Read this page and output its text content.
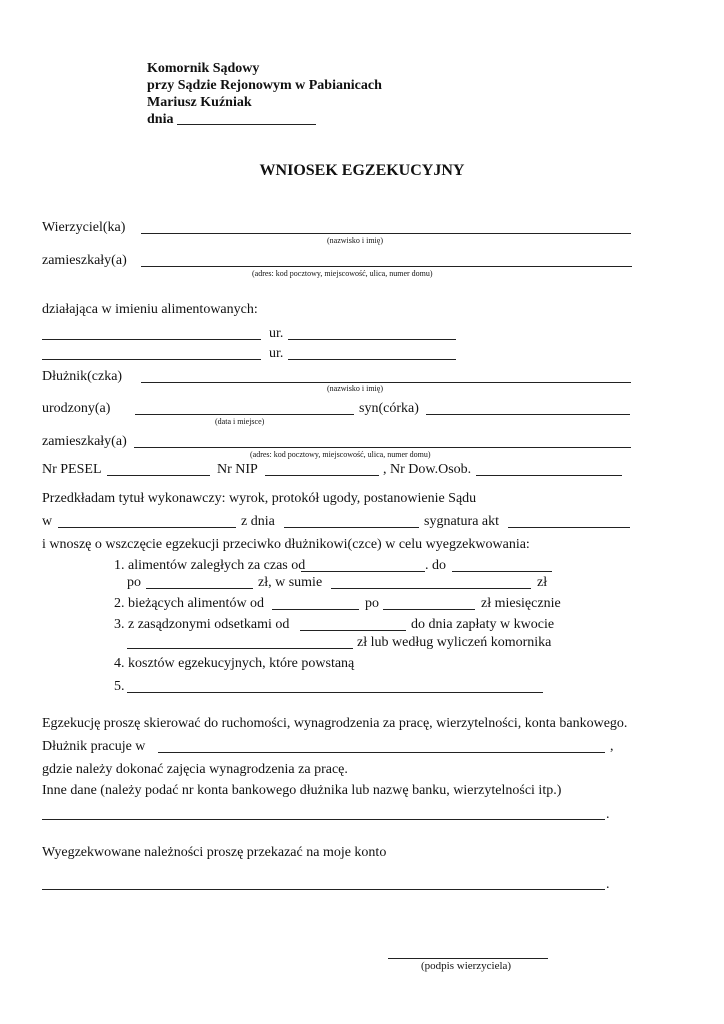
Komornik Sądowy
przy Sądzie Rejonowym w Pabianicach
Mariusz Kuźniak
dnia
WNIOSEK EGZEKUCYJNY
Wierzyciel(ka)
(nazwisko i imię)
zamieszkały(a)
(adres: kod pocztowy, miejscowość, ulica, numer domu)
działająca w imieniu alimentowanych:
ur.
ur.
Dłużnik(czka)
(nazwisko i imię)
urodzony(a)
(data i miejsce)
syn(córka)
zamieszkały(a)
(adres: kod pocztowy, miejscowość, ulica, numer domu)
Nr PESEL	Nr NIP	, Nr Dow.Osob.
Przedkładam tytuł wykonawczy: wyrok, protokół ugody, postanowienie Sądu
w	z dnia	sygnatura akt
i wnoszę o wszczęcie egzekucji przeciwko dłużnikowi(czce) w celu wyegzekwowania:
1. alimentów zaległych za czas od	. do
po	zł, w sumie	zł
2. bieżących alimentów od	po	zł miesięcznie
3. z zasądzonymi odsetkami od	do dnia zapłaty w kwocie
zł lub według wyliczeń komornika
4. kosztów egzekucyjnych, które powstaną
5.
Egzekucję proszę skierować do ruchomości, wynagrodzenia za pracę, wierzytelności, konta bankowego.
Dłużnik pracuje w	,
gdzie należy dokonać zajęcia wynagrodzenia za pracę.
Inne dane (należy podać nr konta bankowego dłużnika lub nazwę banku, wierzytelności itp.)
.
Wyegzekwowane należności proszę przekazać na moje konto
.
(podpis wierzyciela)
